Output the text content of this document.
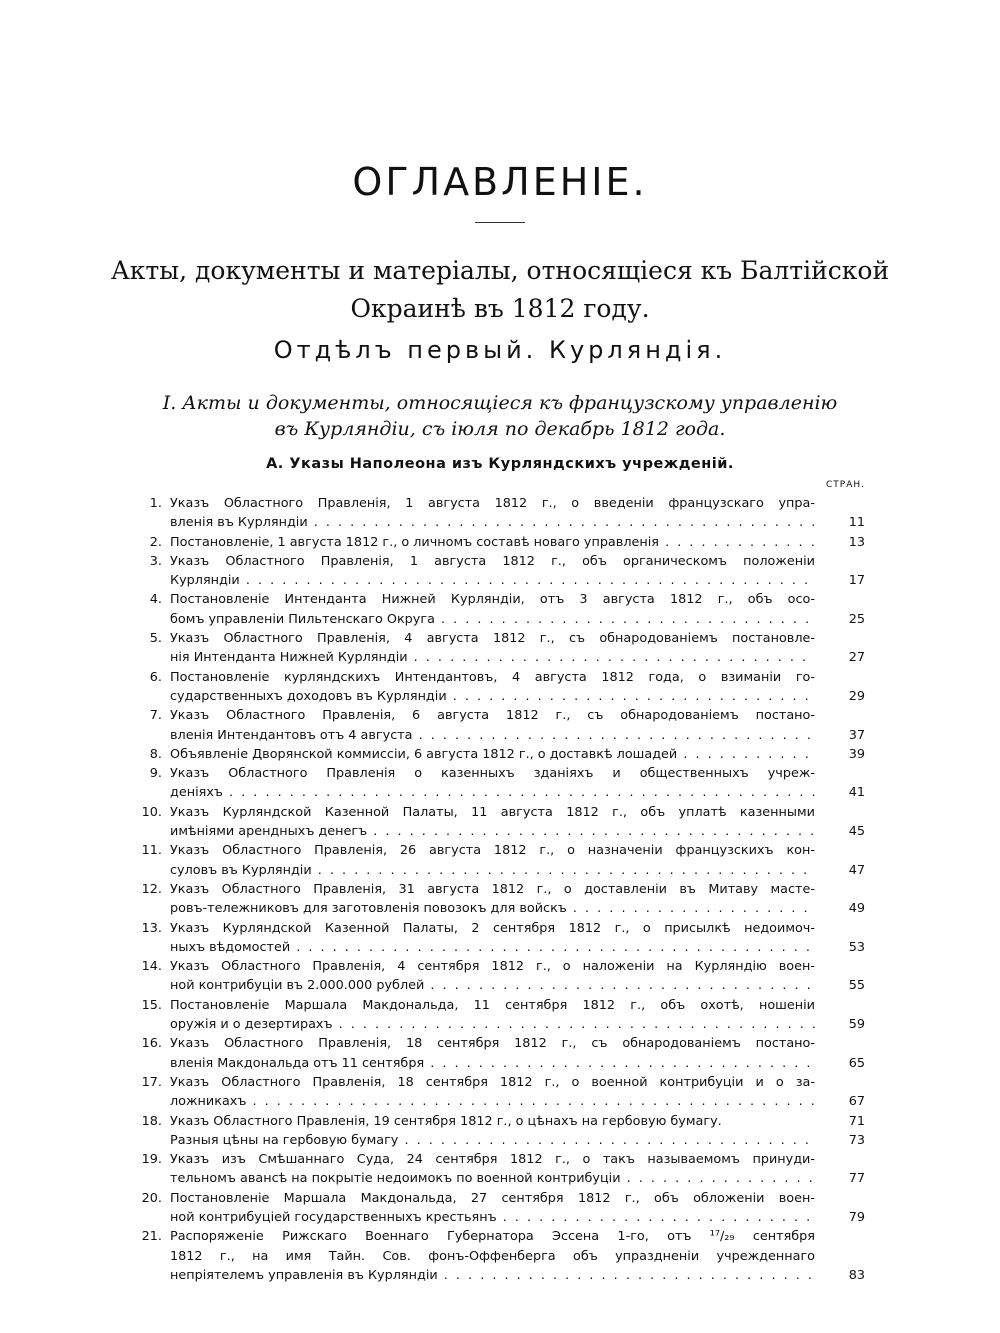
ОГЛАВЛЕНІЕ.
Акты, документы и матеріалы, относящіеся къ Балтійской Окраинѣ въ 1812 году.
Отдѣлъ первый. Курляндія.
I. Акты и документы, относящіеся къ французскому управленію въ Курляндіи, съ іюля по декабрь 1812 года.
А. Указы Наполеона изъ Курляндскихъ учрежденій.
СТРАН.
1. Указъ Областного Правленія, 1 августа 1812 г., о введеніи французскаго упра-
вленія въ Курляндіи . . .	11
2. Постановленіе, 1 августа 1812 г., о личномъ составѣ новаго управленія . . .	13
3. Указъ Областного Правленія, 1 августа 1812 г., объ органическомъ положеніи
Курляндіи . . .	17
4. Постановленіе Интенданта Нижней Курляндіи, отъ 3 августа 1812 г., объ осо-
бомъ управленіи Пильтенскаго Округа . . .	25
5. Указъ Областного Правленія, 4 августа 1812 г., съ обнародованіемъ постановле-
нія Интенданта Нижней Курляндіи . . .	27
6. Постановленіе курляндскихъ Интендантовъ, 4 августа 1812 года, о взиманіи го-
сударственныхъ доходовъ въ Курляндіи . . .	29
7. Указъ Областного Правленія, 6 августа 1812 г., съ обнародованіемъ постано-
вленія Интендантовъ отъ 4 августа . . .	37
8. Объявленіе Дворянской коммиссіи, 6 августа 1812 г., о доставкѣ лошадей . . .	39
9. Указъ Областного Правленія о казенныхъ зданіяхъ и общественныхъ учреж-
деніяхъ . . .	41
10. Указъ Курляндской Казенной Палаты, 11 августа 1812 г., объ уплатѣ казенными
имѣніями арендныхъ денегъ . . .	45
11. Указъ Областного Правленія, 26 августа 1812 г., о назначеніи французскихъ кон-
суловъ въ Курляндіи . . .	47
12. Указъ Областного Правленія, 31 августа 1812 г., о доставленіи въ Митаву масте-
ровъ-тележниковъ для заготовленія повозокъ для войскъ . . .	49
13. Указъ Курляндской Казенной Палаты, 2 сентября 1812 г., о присылкѣ недоимоч-
ныхъ вѣдомостей . . .	53
14. Указъ Областного Правленія, 4 сентября 1812 г., о наложеніи на Курляндію воен-
ной контрибуціи въ 2.000.000 рублей . . .	55
15. Постановленіе Маршала Макдональда, 11 сентября 1812 г., объ охотѣ, ношеніи
оружія и о дезертирахъ . . .	59
16. Указъ Областного Правленія, 18 сентября 1812 г., съ обнародованіемъ постано-
вленія Макдональда отъ 11 сентября . . .	65
17. Указъ Областного Правленія, 18 сентября 1812 г., о военной контрибуціи и о за-
ложникахъ . . .	67
18. Указъ Областного Правленія, 19 сентября 1812 г., о цѣнахъ на гербовую бумагу.	71
Разныя цѣны на гербовую бумагу . . .	73
19. Указъ изъ Смѣшаннаго Суда, 24 сентября 1812 г., о такъ называемомъ принуди-
тельномъ авансѣ на покрытіе недоимокъ по военной контрибуціи . . .	77
20. Постановленіе Маршала Макдональда, 27 сентября 1812 г., объ обложеніи воен-
ной контрибуціей государственныхъ крестьянъ . . .	79
21. Распоряженіе Рижскаго Военнаго Губернатора Эссена 1-го, отъ ¹⁷/₂₉ сентября
1812 г., на имя Тайн. Сов. фонъ-Оффенберга объ упраздненіи учрежденнаго
непріятелемъ управленія въ Курляндіи . . .	83
